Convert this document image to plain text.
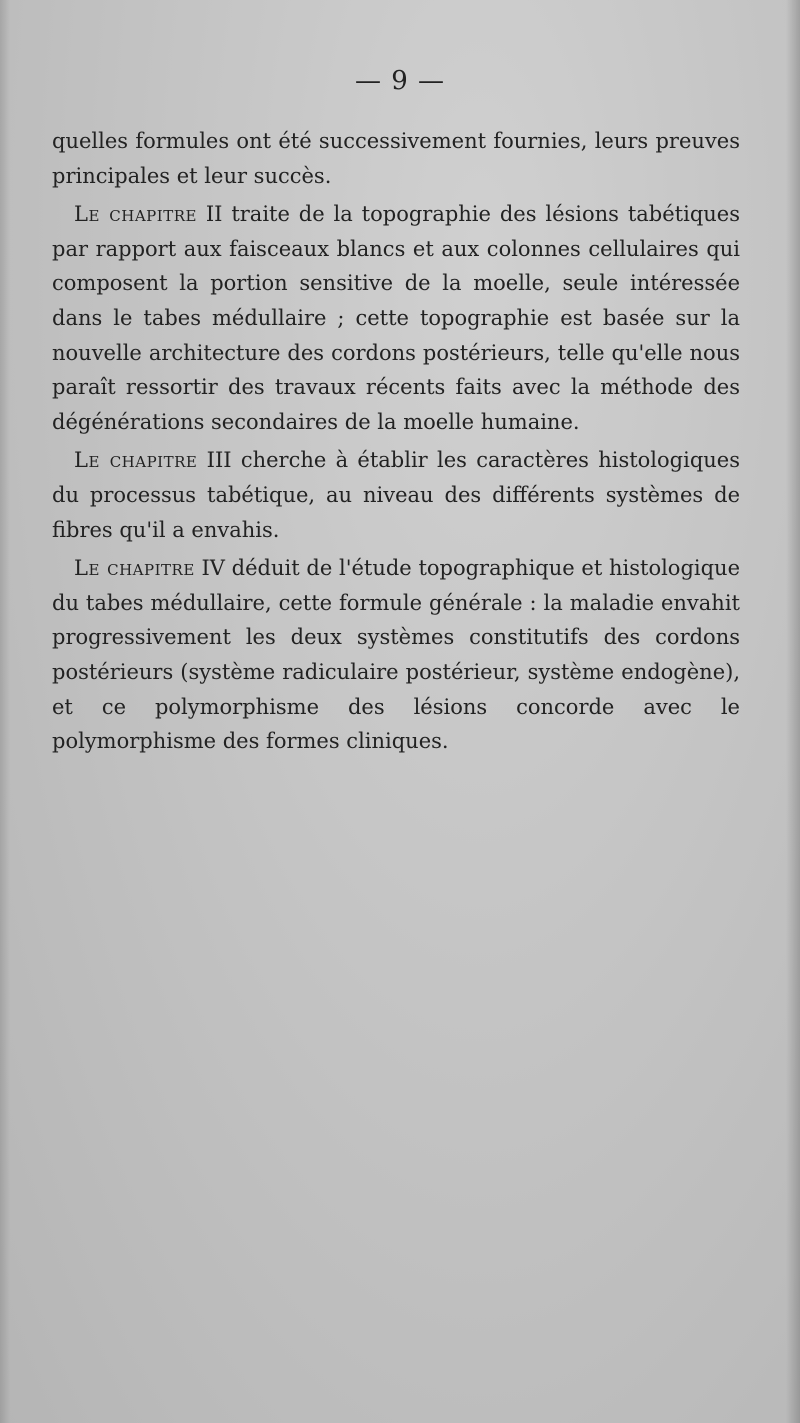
— 9 —

quelles formules ont été successivement fournies, leurs preuves principales et leur succès.

Le chapitre II traite de la topographie des lésions tabétiques par rapport aux faisceaux blancs et aux colonnes cellulaires qui composent la portion sensitive de la moelle, seule intéressée dans le tabes médullaire ; cette topographie est basée sur la nouvelle architecture des cordons postérieurs, telle qu'elle nous paraît ressortir des travaux récents faits avec la méthode des dégénérations secondaires de la moelle humaine.

Le chapitre III cherche à établir les caractères histologiques du processus tabétique, au niveau des différents systèmes de fibres qu'il a envahis.

Le chapitre IV déduit de l'étude topographique et histologique du tabes médullaire, cette formule générale : la maladie envahit progressivement les deux systèmes constitutifs des cordons postérieurs (système radiculaire postérieur, système endogène), et ce polymorphisme des lésions concorde avec le polymorphisme des formes cliniques.
